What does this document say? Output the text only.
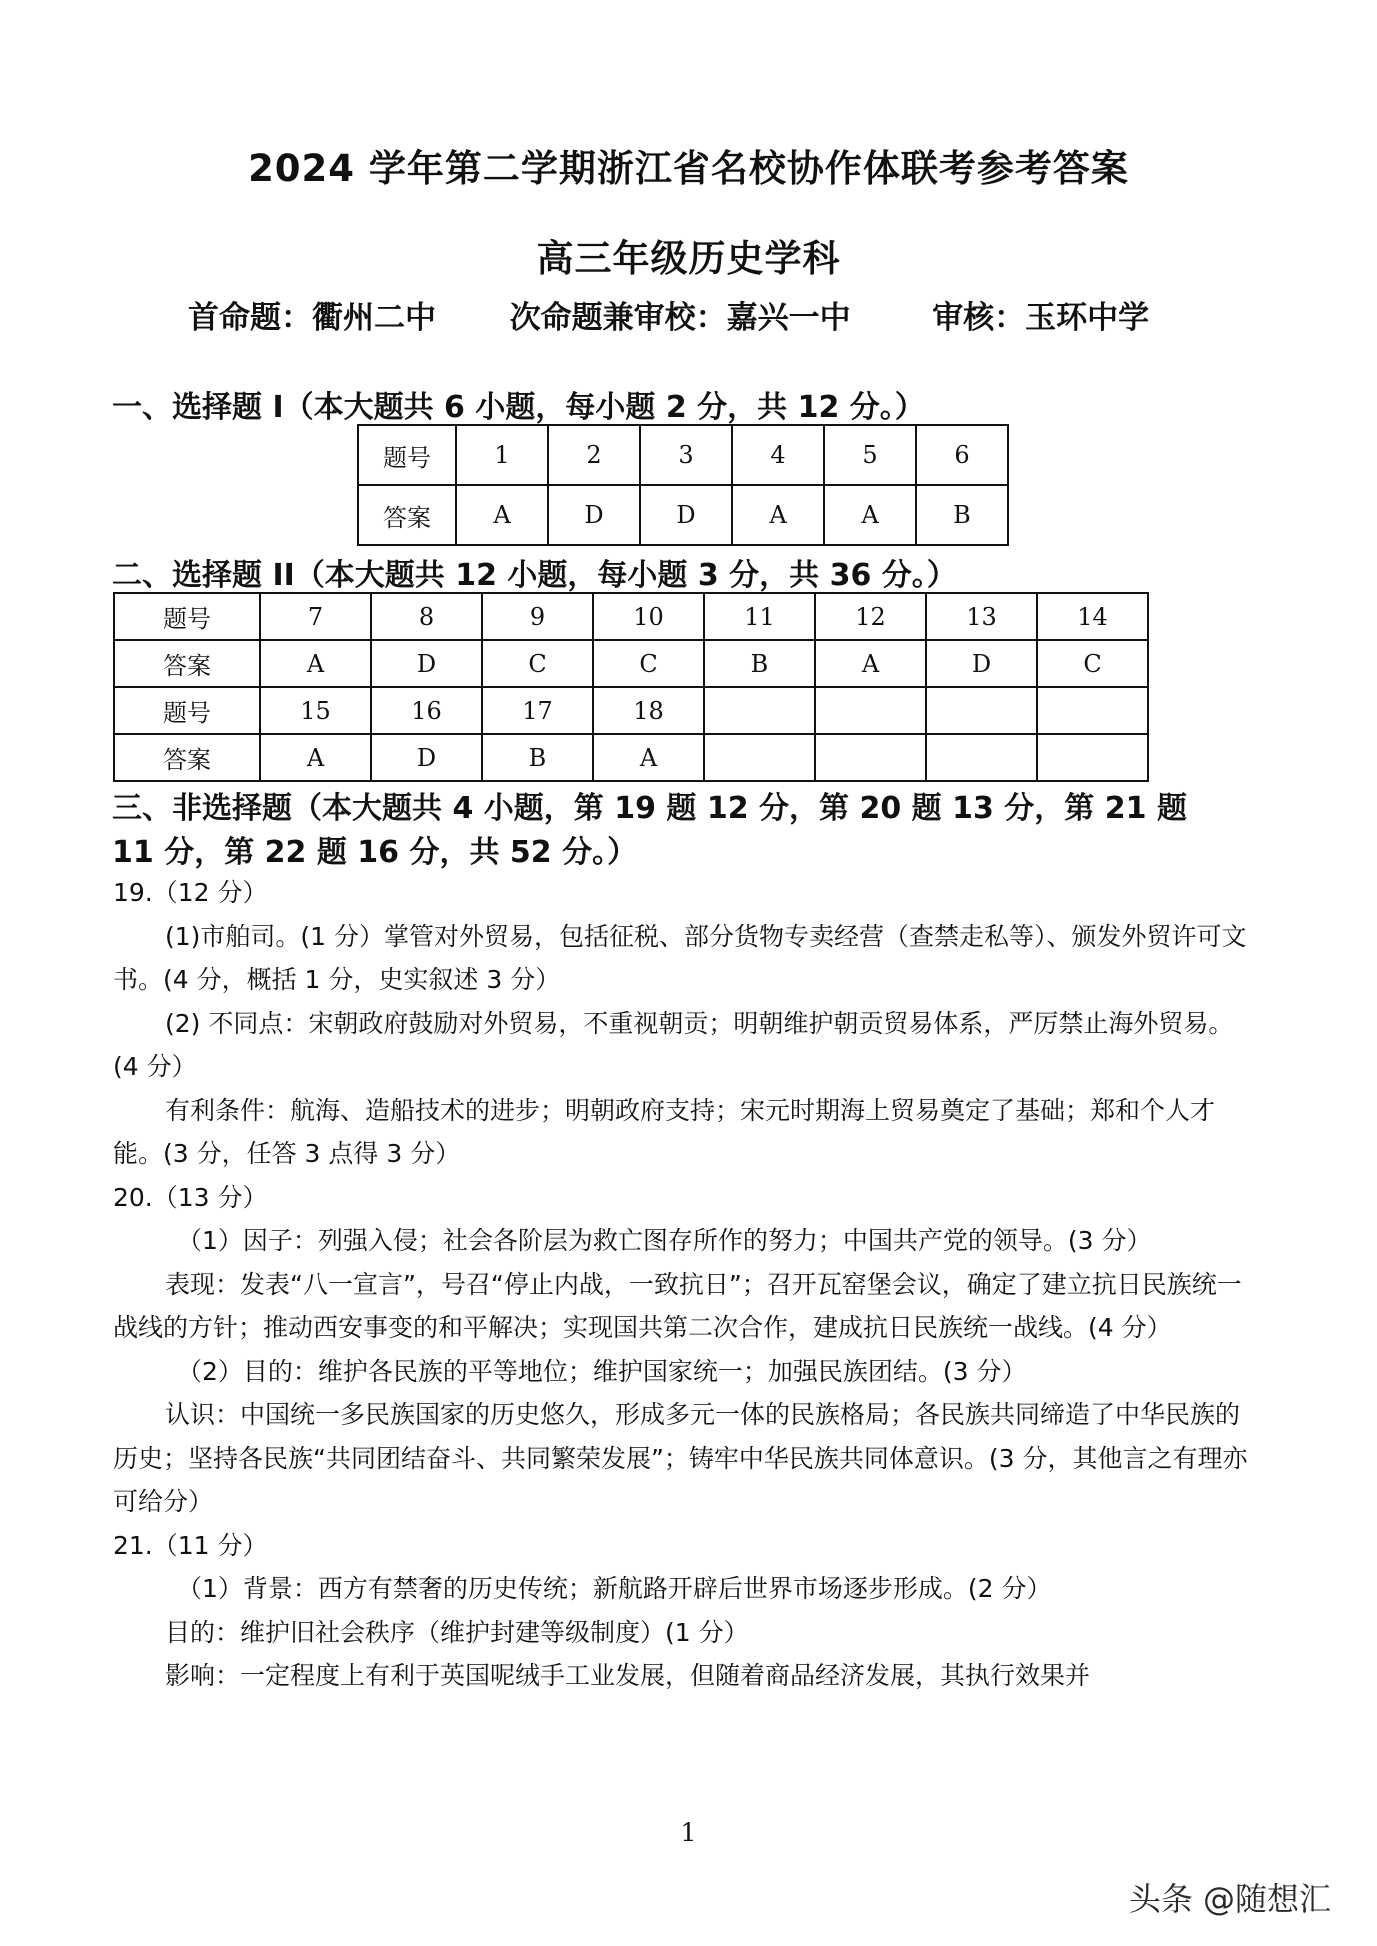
2024 学年第二学期浙江省名校协作体联考参考答案
高三年级历史学科
首命题：衢州二中 次命题兼审校：嘉兴一中	审核：玉环中学
一、选择题 I（本大题共 6 小题，每小题 2 分，共 12 分。）
题号	1	2	3	4	5	6
答案	A	D	D	A	A	B
二、选择题 II（本大题共 12 小题，每小题 3 分，共 36 分。）
题号	7	8	9	10	11	12	13	14
答案	A	D	C	C	B	A	D	C
题号	15	16	17	18				
答案	A	D	B	A				
三、非选择题（本大题共 4 小题，第 19 题 12 分，第 20 题 13 分，第 21 题
11 分，第 22 题 16 分，共 52 分。）

19.（12 分）

(1)市舶司。(1 分）掌管对外贸易，包括征税、部分货物专卖经营（查禁走私等）、颁发外贸许可文书。(4 分，概括 1 分，史实叙述 3 分）

(2) 不同点：宋朝政府鼓励对外贸易，不重视朝贡；明朝维护朝贡贸易体系，严厉禁止海外贸易。(4 分）

有利条件：航海、造船技术的进步；明朝政府支持；宋元时期海上贸易奠定了基础；郑和个人才能。(3 分，任答 3 点得 3 分）

20.（13 分）

（1）因子：列强入侵；社会各阶层为救亡图存所作的努力；中国共产党的领导。(3 分）

表现：发表“八一宣言”，号召“停止内战，一致抗日”；召开瓦窑堡会议，确定了建立抗日民族统一战线的方针；推动西安事变的和平解决；实现国共第二次合作，建成抗日民族统一战线。(4 分）

（2）目的：维护各民族的平等地位；维护国家统一；加强民族团结。(3 分）

认识：中国统一多民族国家的历史悠久，形成多元一体的民族格局；各民族共同缔造了中华民族的历史；坚持各民族“共同团结奋斗、共同繁荣发展”；铸牢中华民族共同体意识。(3 分，其他言之有理亦可给分）

21.（11 分）

（1）背景：西方有禁奢的历史传统；新航路开辟后世界市场逐步形成。(2 分）

目的：维护旧社会秩序（维护封建等级制度）(1 分）

影响：一定程度上有利于英国呢绒手工业发展，但随着商品经济发展，其执行效果并

1
头条 @随想汇
